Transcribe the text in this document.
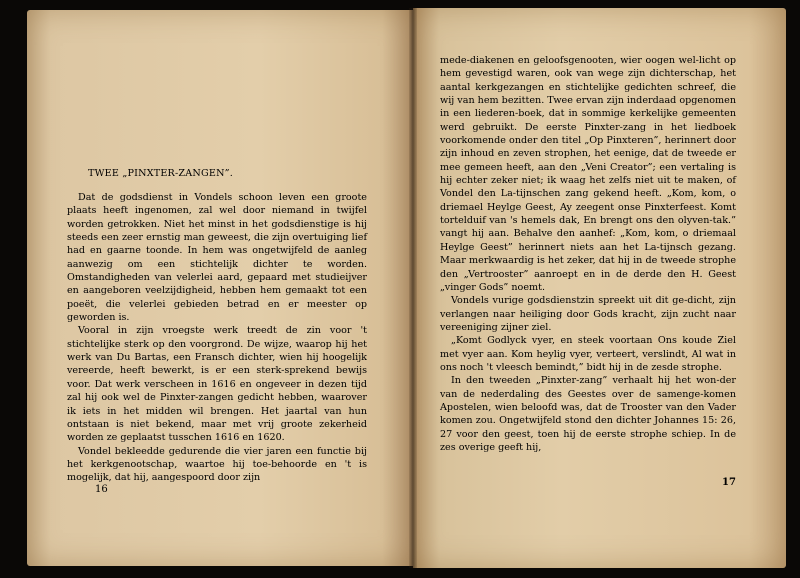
TWEE „PINXTER-ZANGEN”.

Dat de godsdienst in Vondels schoon leven een groote plaats heeft ingenomen, zal wel door niemand in twijfel worden getrokken. Niet het minst in het godsdienstige is hij steeds een zeer ernstig man geweest, die zijn overtuiging lief had en gaarne toonde. In hem was ongetwijfeld de aanleg aanwezig om een stichtelijk dichter te worden. Omstandigheden van velerlei aard, gepaard met studieijver en aangeboren veelzijdigheid, hebben hem gemaakt tot een poeët, die velerlei gebieden betrad en er meester op geworden is.

Vooral in zijn vroegste werk treedt de zin voor 't stichtelijke sterk op den voorgrond. De wijze, waarop hij het werk van Du Bartas, een Fransch dichter, wien hij hoogelijk vereerde, heeft bewerkt, is er een sterk-sprekend bewijs voor. Dat werk verscheen in 1616 en ongeveer in dezen tijd zal hij ook wel de Pinxter-zangen gedicht hebben, waarover ik iets in het midden wil brengen. Het jaartal van hun ontstaan is niet bekend, maar met vrij groote zekerheid worden ze geplaatst tusschen 1616 en 1620.

Vondel bekleedde gedurende die vier jaren een functie bij het kerkgenootschap, waartoe hij toe-behoorde en 't is mogelijk, dat hij, aangespoord door zijn

16

mede-diakenen en geloofsgenooten, wier oogen wel-licht op hem gevestigd waren, ook van wege zijn dichterschap, het aantal kerkgezangen en stichtelijke gedichten schreef, die wij van hem bezitten. Twee ervan zijn inderdaad opgenomen in een liederen-boek, dat in sommige kerkelijke gemeenten werd gebruikt. De eerste Pinxter-zang in het liedboek voorkomende onder den titel „Op Pinxteren”, herinnert door zijn inhoud en zeven strophen, het eenige, dat de tweede er mee gemeen heeft, aan den „Veni Creator”; een vertaling is hij echter zeker niet; ik waag het zelfs niet uit te maken, of Vondel den La-tijnschen zang gekend heeft. „Kom, kom, o driemael Heylge Geest, Ay zeegent onse Pinxterfeest. Komt tortelduif van 's hemels dak, En brengt ons den olyven-tak.” vangt hij aan. Behalve den aanhef: „Kom, kom, o driemaal Heylge Geest” herinnert niets aan het La-tijnsch gezang. Maar merkwaardig is het zeker, dat hij in de tweede strophe den „Vertrooster” aanroept en in de derde den H. Geest „vinger Gods” noemt.

Vondels vurige godsdienstzin spreekt uit dit ge-dicht, zijn verlangen naar heiliging door Gods kracht, zijn zucht naar vereeniging zijner ziel.

„Komt Godlyck vyer, en steek voortaan Ons koude Ziel met vyer aan. Kom heylig vyer, verteert, verslindt, Al wat in ons noch 't vleesch bemindt,” bidt hij in de zesde strophe.

In den tweeden „Pinxter-zang” verhaalt hij het won-der van de nederdaling des Geestes over de samenge-komen Apostelen, wien beloofd was, dat de Trooster van den Vader komen zou. Ongetwijfeld stond den dichter Johannes 15: 26, 27 voor den geest, toen hij de eerste strophe schiep. In de zes overige geeft hij,

17
